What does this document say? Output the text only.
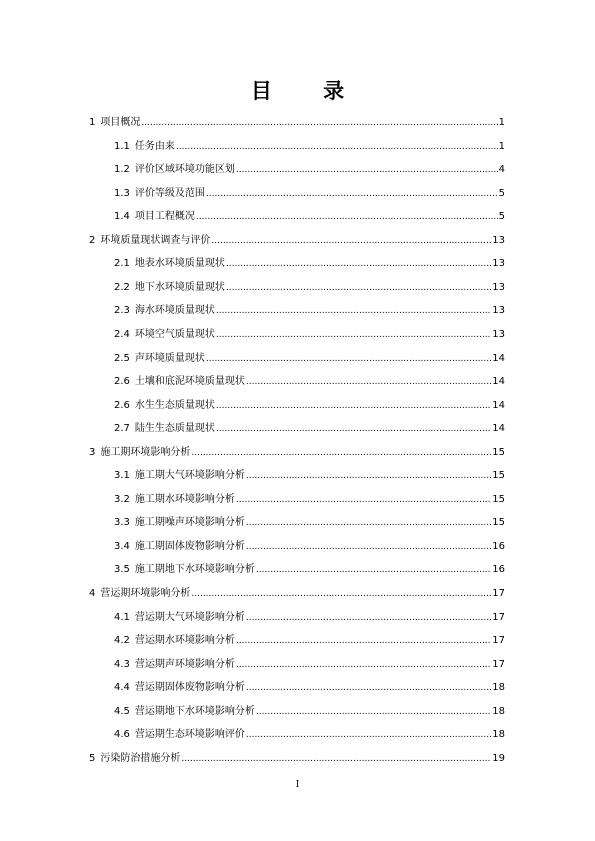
目 录
1 项目概况 .....	1
1.1 任务由来 .....	1
1.2 评价区域环境功能区划 .....	4
1.3 评价等级及范围 .....	5
1.4 项目工程概况 .....	5
2 环境质量现状调查与评价 .....	13
2.1 地表水环境质量现状 .....	13
2.2 地下水环境质量现状 .....	13
2.3 海水环境质量现状 .....	13
2.4 环境空气质量现状 .....	13
2.5 声环境质量现状 .....	14
2.6 土壤和底泥环境质量现状 .....	14
2.6 水生生态质量现状 .....	14
2.7 陆生生态质量现状 .....	14
3 施工期环境影响分析 .....	15
3.1 施工期大气环境影响分析 .....	15
3.2 施工期水环境影响分析 .....	15
3.3 施工期噪声环境影响分析 .....	15
3.4 施工期固体废物影响分析 .....	16
3.5 施工期地下水环境影响分析 .....	16
4 营运期环境影响分析 .....	17
4.1 营运期大气环境影响分析 .....	17
4.2 营运期水环境影响分析 .....	17
4.3 营运期声环境影响分析 .....	17
4.4 营运期固体废物影响分析 .....	18
4.5 营运期地下水环境影响分析 .....	18
4.6 营运期生态环境影响评价 .....	18
5 污染防治措施分析 .....	19
I
